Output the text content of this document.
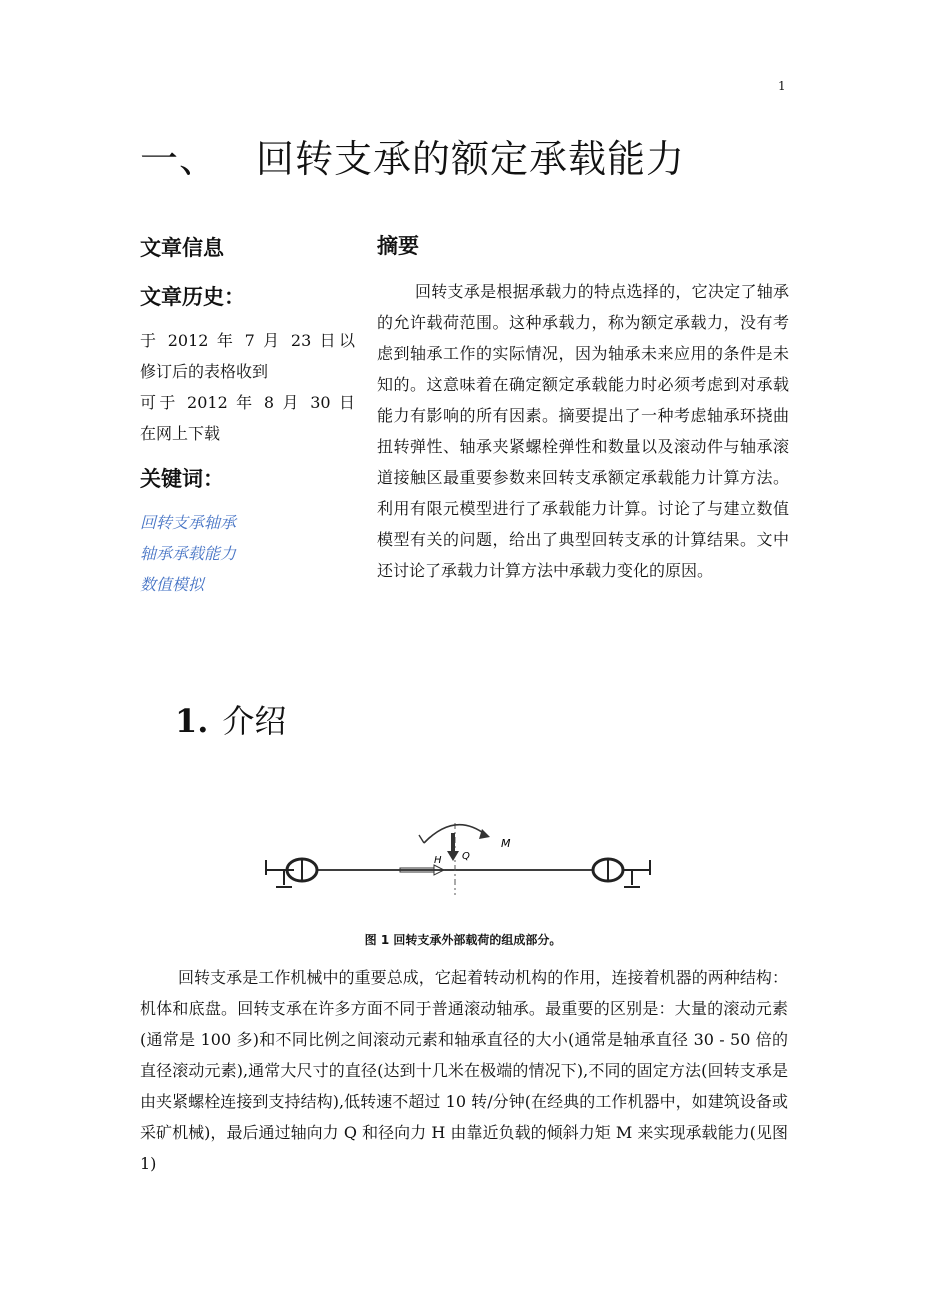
1
一、 回转支承的额定承载能力
文章信息
文章历史：

于 2012 年 7 月 23 日以

修订后的表格收到

可于 2012 年 8 月 30 日

在网上下载

关键词：

回转支承轴承

轴承承载能力

数值模拟

摘要

回转支承是根据承载力的特点选择的，它决定了轴承的允许载荷范围。这种承载力，称为额定承载力，没有考虑到轴承工作的实际情况，因为轴承未来应用的条件是未知的。这意味着在确定额定承载能力时必须考虑到对承载能力有影响的所有因素。摘要提出了一种考虑轴承环挠曲扭转弹性、轴承夹紧螺栓弹性和数量以及滚动件与轴承滚道接触区最重要参数来回转支承额定承载能力计算方法。利用有限元模型进行了承载能力计算。讨论了与建立数值模型有关的问题，给出了典型回转支承的计算结果。文中还讨论了承载力计算方法中承载力变化的原因。

1. 介绍
M
Q
H
图 1 回转支承外部载荷的组成部分。

回转支承是工作机械中的重要总成，它起着转动机构的作用，连接着机器的两种结构：机体和底盘。回转支承在许多方面不同于普通滚动轴承。最重要的区别是：大量的滚动元素(通常是 100 多)和不同比例之间滚动元素和轴承直径的大小(通常是轴承直径 30 - 50 倍的直径滚动元素),通常大尺寸的直径(达到十几米在极端的情况下),不同的固定方法(回转支承是由夹紧螺栓连接到支持结构),低转速不超过 10 转/分钟(在经典的工作机器中，如建筑设备或采矿机械)，最后通过轴向力 Q 和径向力 H 由靠近负载的倾斜力矩 M 来实现承载能力(见图 1)
